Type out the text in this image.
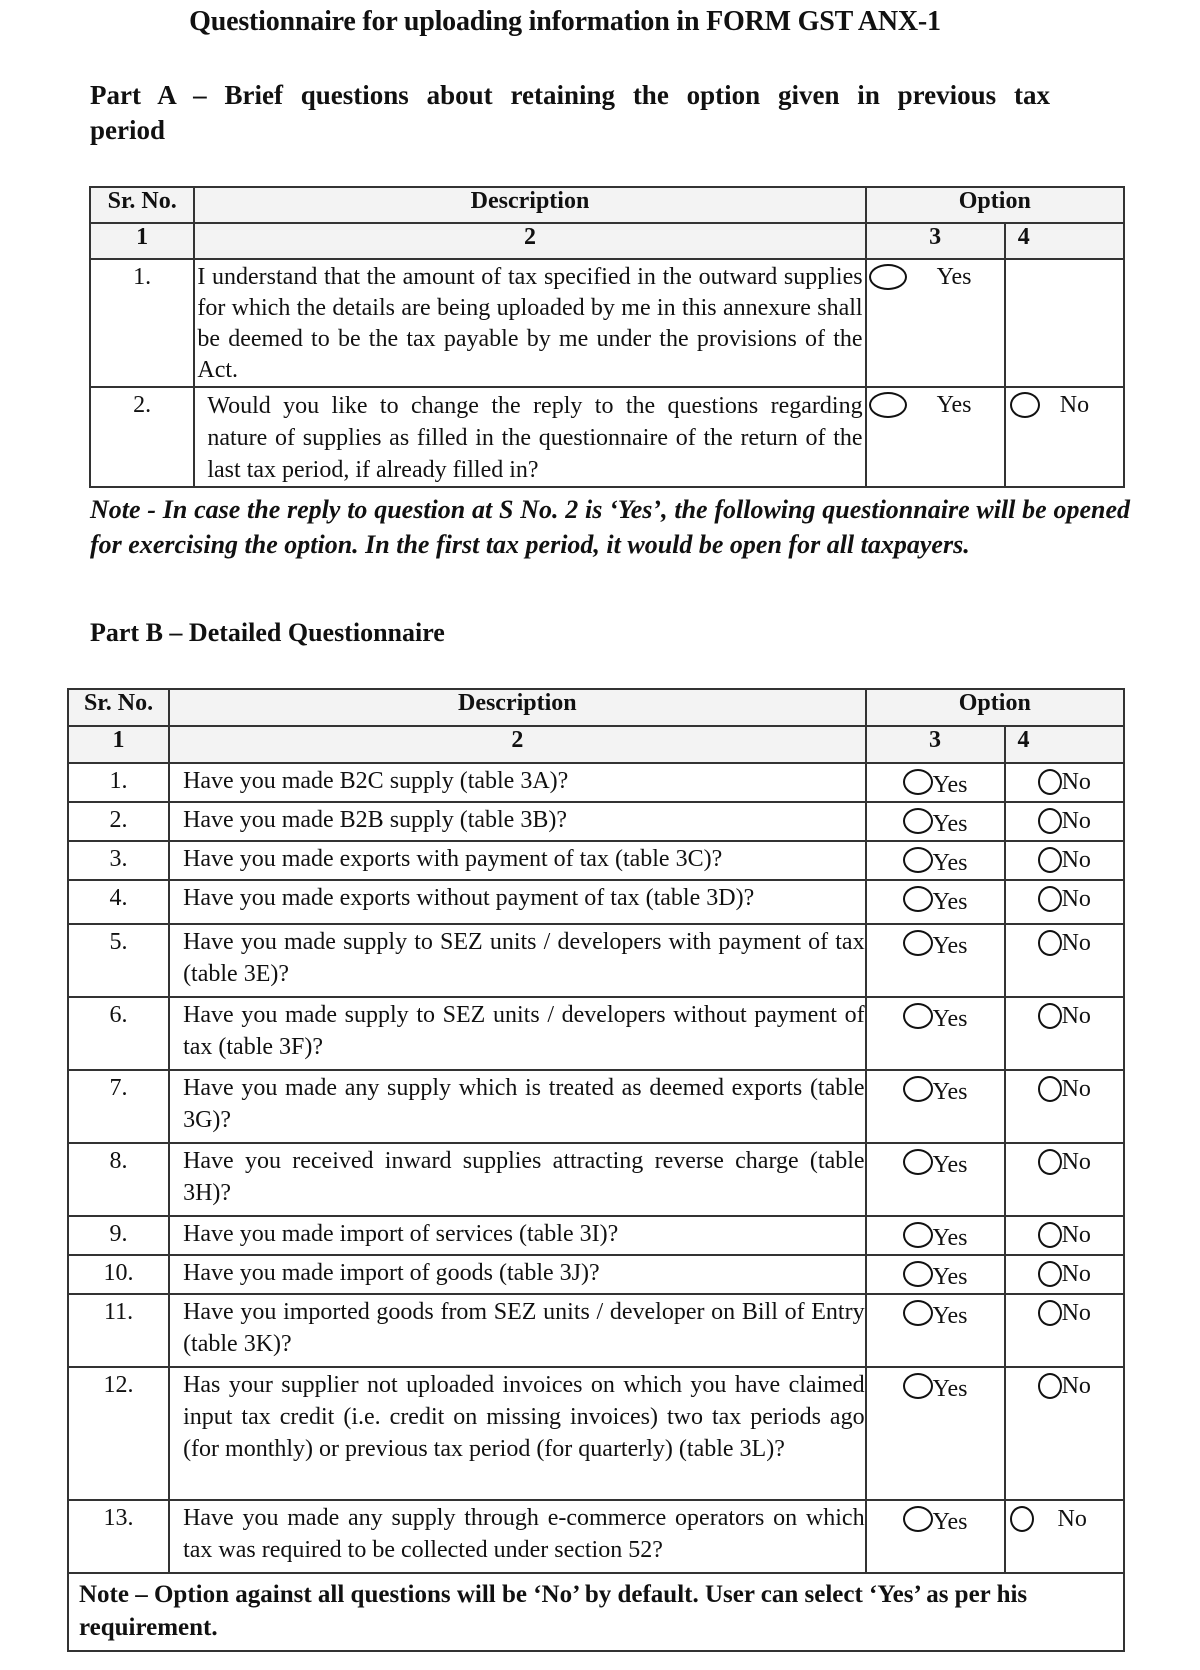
Questionnaire for uploading information in FORM GST ANX-1
Part A – Brief questions about retaining the option given in previous tax period
Sr. No.	Description	Option	
1	2	3	4
1.	I understand that the amount of tax specified in the outward supplies for which the details are being uploaded by me in this annexure shall be deemed to be the tax payable by me under the provisions of the Act.	Yes	

2.	Would you like to change the reply to the questions regarding nature of supplies as filled in the questionnaire of the return of the last tax period, if already filled in?	Yes	No
Note - In case the reply to question at S No. 2 is ‘Yes’, the following questionnaire will be opened for exercising the option. In the first tax period, it would be open for all taxpayers.
Part B – Detailed Questionnaire
Sr. No.	Description	Option	
1	2	3	4
1.	Have you made B2C supply (table 3A)?	Yes	No

2.	Have you made B2B supply (table 3B)?	Yes	No

3.	Have you made exports with payment of tax (table 3C)?	Yes	No

4.	Have you made exports without payment of tax (table 3D)?	Yes	No

5.	Have you made supply to SEZ units / developers with payment of tax (table 3E)?	Yes	No

6.	Have you made supply to SEZ units / developers without payment of tax (table 3F)?	Yes	No

7.	Have you made any supply which is treated as deemed exports (table 3G)?	Yes	No

8.	Have you received inward supplies attracting reverse charge (table 3H)?	Yes	No

9.	Have you made import of services (table 3I)?	Yes	No

10.	Have you made import of goods (table 3J)?	Yes	No

11.	Have you imported goods from SEZ units / developer on Bill of Entry (table 3K)?	Yes	No

12.	Has your supplier not uploaded invoices on which you have claimed input tax credit (i.e. credit on missing invoices) two tax periods ago (for monthly) or previous tax period (for quarterly) (table 3L)?	Yes	No

13.	Have you made any supply through e-commerce operators on which tax was required to be collected under section 52?	Yes	No

Note – Option against all questions will be ‘No’ by default. User can select ‘Yes’ as per his requirement.			
